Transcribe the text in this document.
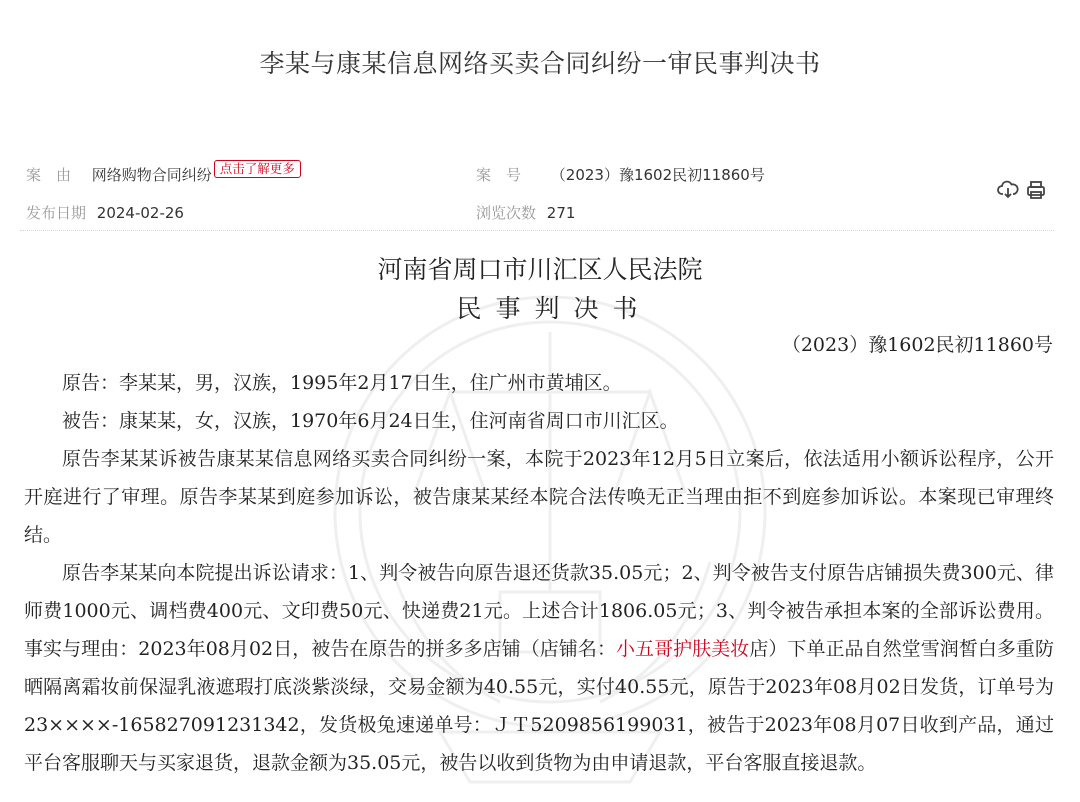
李某与康某信息网络买卖合同纠纷一审民事判决书
案　由 网络购物合同纠纷 点击了解更多	案　号 （2023）豫1602民初11860号
发布日期 2024-02-26	浏览次数 271
河南省周口市川汇区人民法院
民事判决书
（2023）豫1602民初11860号

原告：李某某，男，汉族，1995年2月17日生，住广州市黄埔区。

被告：康某某，女，汉族，1970年6月24日生，住河南省周口市川汇区。

原告李某某诉被告康某某信息网络买卖合同纠纷一案，本院于2023年12月5日立案后，依法适用小额诉讼程序，公开开庭进行了审理。原告李某某到庭参加诉讼，被告康某某经本院合法传唤无正当理由拒不到庭参加诉讼。本案现已审理终结。

原告李某某向本院提出诉讼请求：1、判令被告向原告退还货款35.05元；2、判令被告支付原告店铺损失费300元、律师费1000元、调档费400元、文印费50元、快递费21元。上述合计1806.05元；3、判令被告承担本案的全部诉讼费用。事实与理由：2023年08月02日，被告在原告的拼多多店铺（店铺名：小五哥护肤美妆店）下单正品自然堂雪润皙白多重防晒隔离霜妆前保湿乳液遮瑕打底淡紫淡绿，交易金额为40.55元，实付40.55元，原告于2023年08月02日发货，订单号为23××××-165827091231342，发货极兔速递单号：ＪＴ5209856199031，被告于2023年08月07日收到产品，通过平台客服聊天与买家退货，退款金额为35.05元，被告以收到货物为由申请退款，平台客服直接退款。
